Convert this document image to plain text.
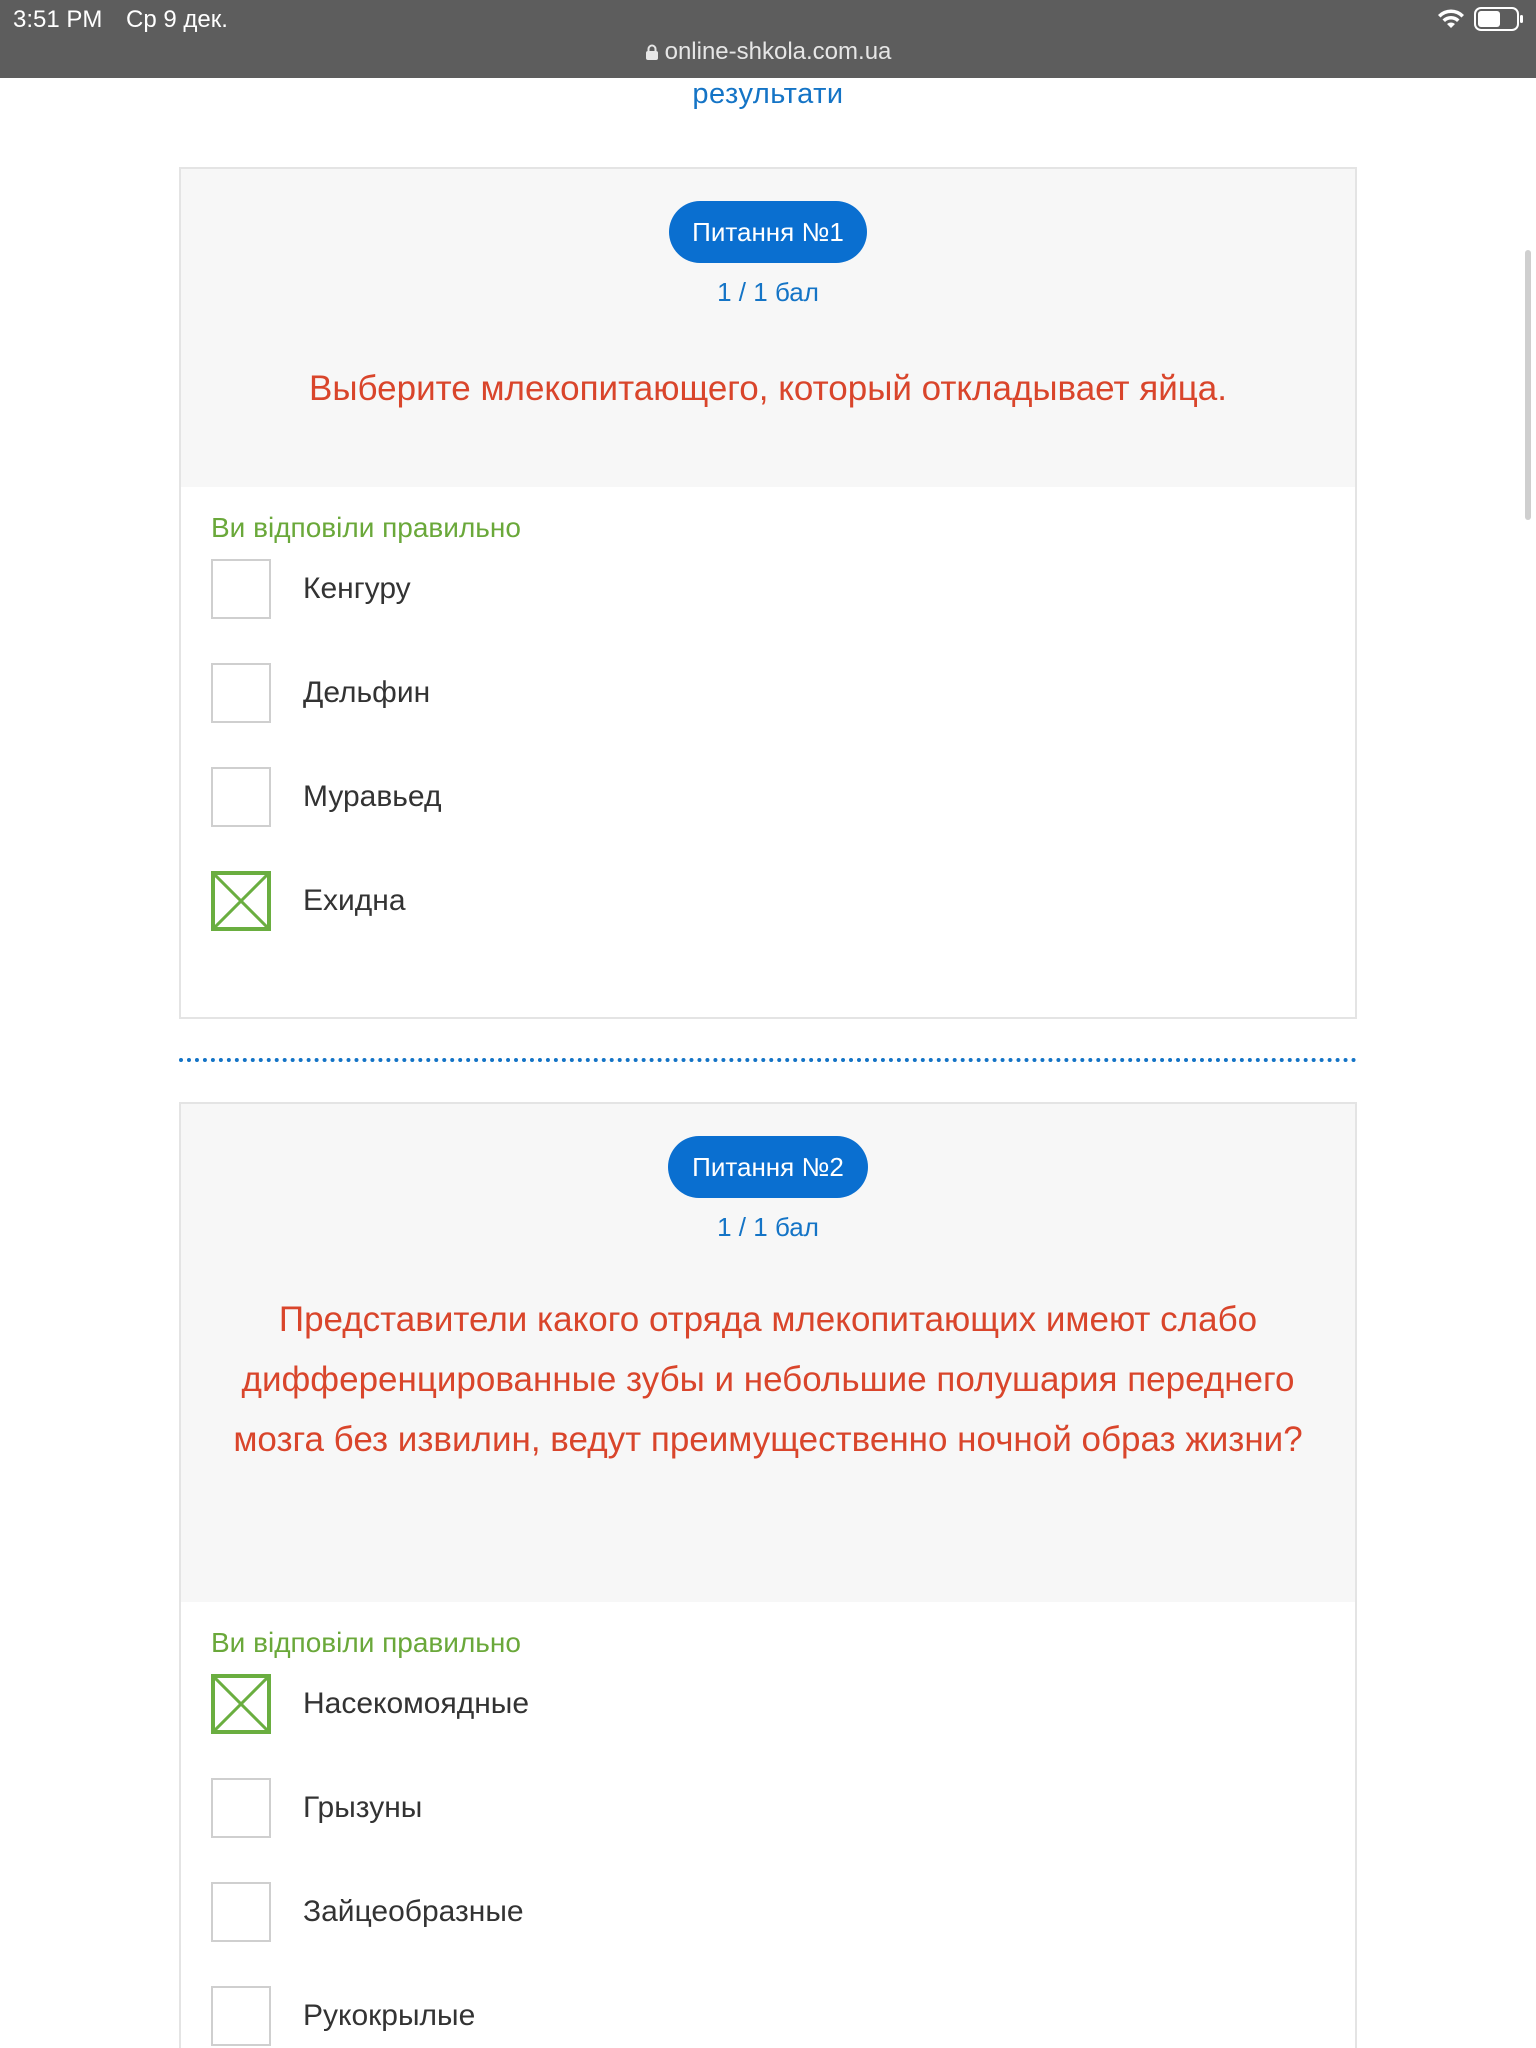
3:51 PM Ср 9 дек.
online-shkola.com.ua
результати
Питання №1
1 / 1 бал
Выберите млекопитающего, который откладывает яйца.
Ви відповіли правильно
Кенгуру
Дельфин
Муравьед
Ехидна
Питання №2
1 / 1 бал
Представители какого отряда млекопитающих имеют слабо дифференцированные зубы и небольшие полушария переднего мозга без извилин, ведут преимущественно ночной образ жизни?
Ви відповіли правильно
Насекомоядные
Грызуны
Зайцеобразные
Рукокрылые
